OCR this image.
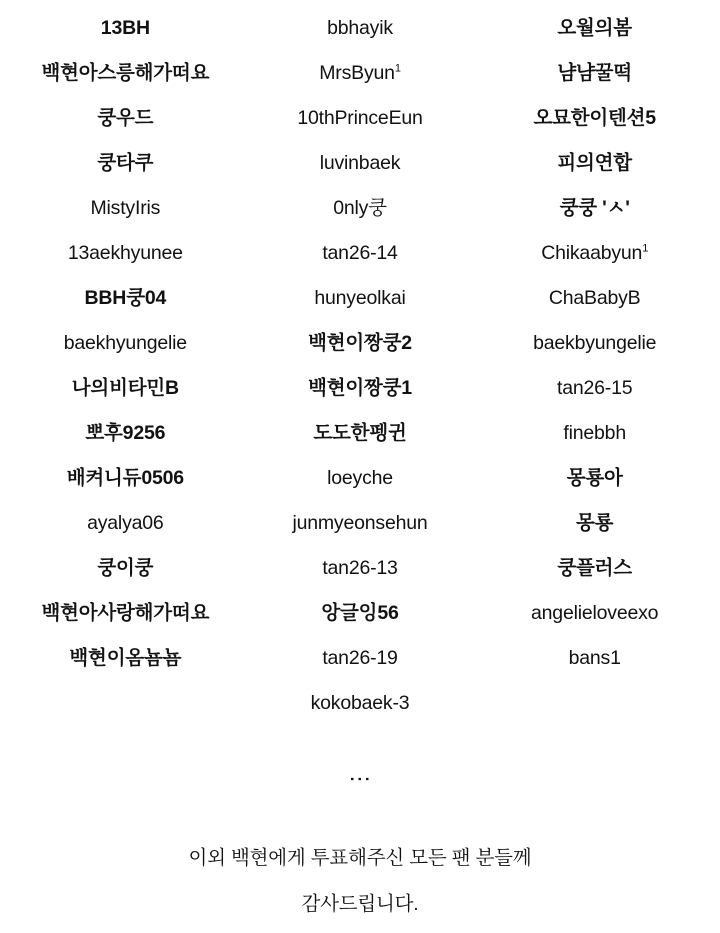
13BH
백현아스릉해가떠요
쿵우드
쿵타쿠
MistyIris
13aekhyunee
BBH쿵04
baekhyungelie
나의비타민B
뽀후9256
배켜니듀0506
ayalya06
쿵이쿵
백현아사랑해가떠요
백현이옴뇸뇸
bbhayik
MrsByun$^1$
10thPrinceEun
luvinbaek
0nly쿵
tan26-14
hunyeolkai
백현이짱쿵2
백현이짱쿵1
도도한펭귄
loeyche
junmyeonsehun
tan26-13
앙글잉56
tan26-19
kokobaek-3
오월의봄
냠냠꿀떡
오묘한이텐션5
피의연합
쿵쿵 'ㅅ'
Chikaabyun$^1$
ChaBabyB
baekbyungelie
tan26-15
finebbh
몽룡아
몽룡
쿵플러스
angelieloveexo
bans1
⋮
이외 백현에게 투표해주신 모든 팬 분들께
감사드립니다.
